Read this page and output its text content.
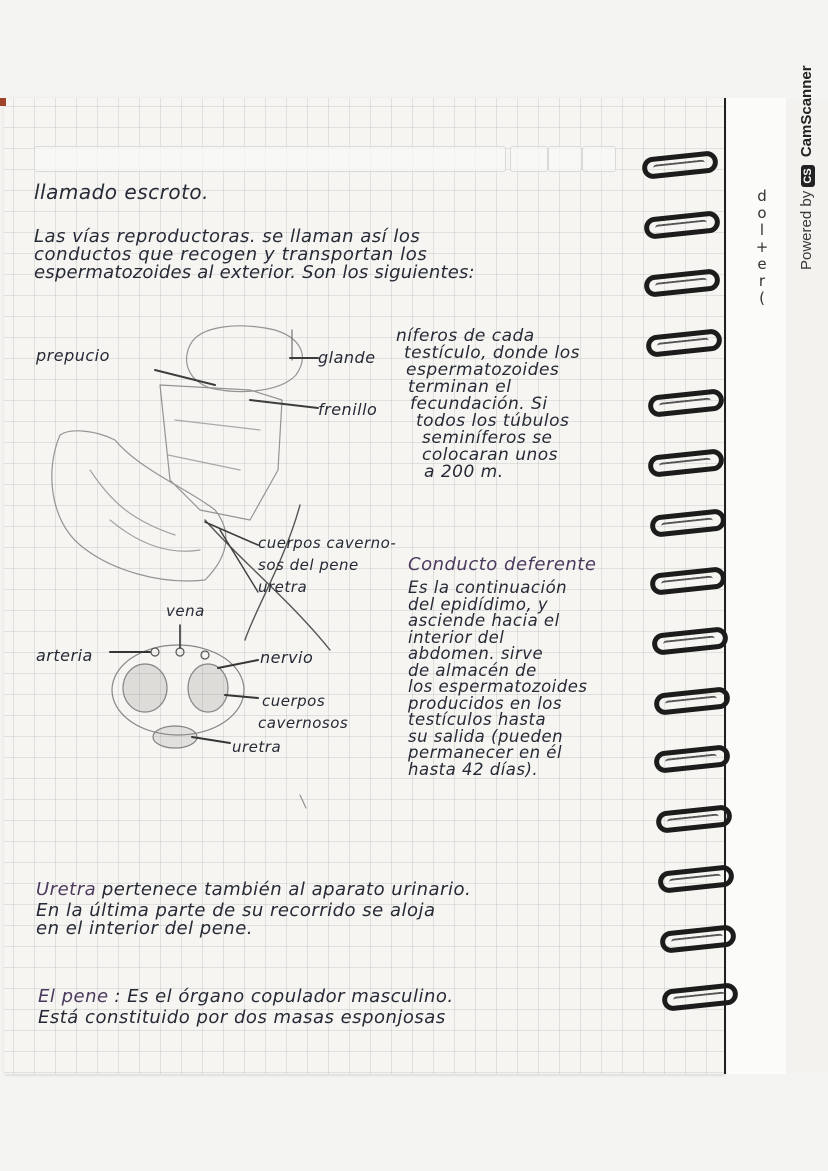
Powered by CS CamScanner
d
o
l
+
e
r
(
llamado escroto.
Las vías reproductoras. se llaman así los
conductos que recogen y transportan los
espermatozoides al exterior. Son los siguientes:
prepucio	glande
frenillo
cuerpos caverno-
sos del pene
uretra
níferos de cada
testículo, donde los
espermatozoides
terminan el
fecundación. Si
todos los túbulos
seminíferos se
colocaran unos
a 200 m.
Conducto deferente
Es la continuación
del epidídimo, y
asciende hacia el
interior del
abdomen. sirve
de almacén de
los espermatozoides
producidos en los
testículos hasta
su salida (pueden
permanecer en él
hasta 42 días).
vena
arteria	nervio
cuerpos
cavernosos
uretra
Uretra pertenece también al aparato urinario.
En la última parte de su recorrido se aloja
en el interior del pene.
El pene : Es el órgano copulador masculino.
Está constituido por dos masas esponjosas
